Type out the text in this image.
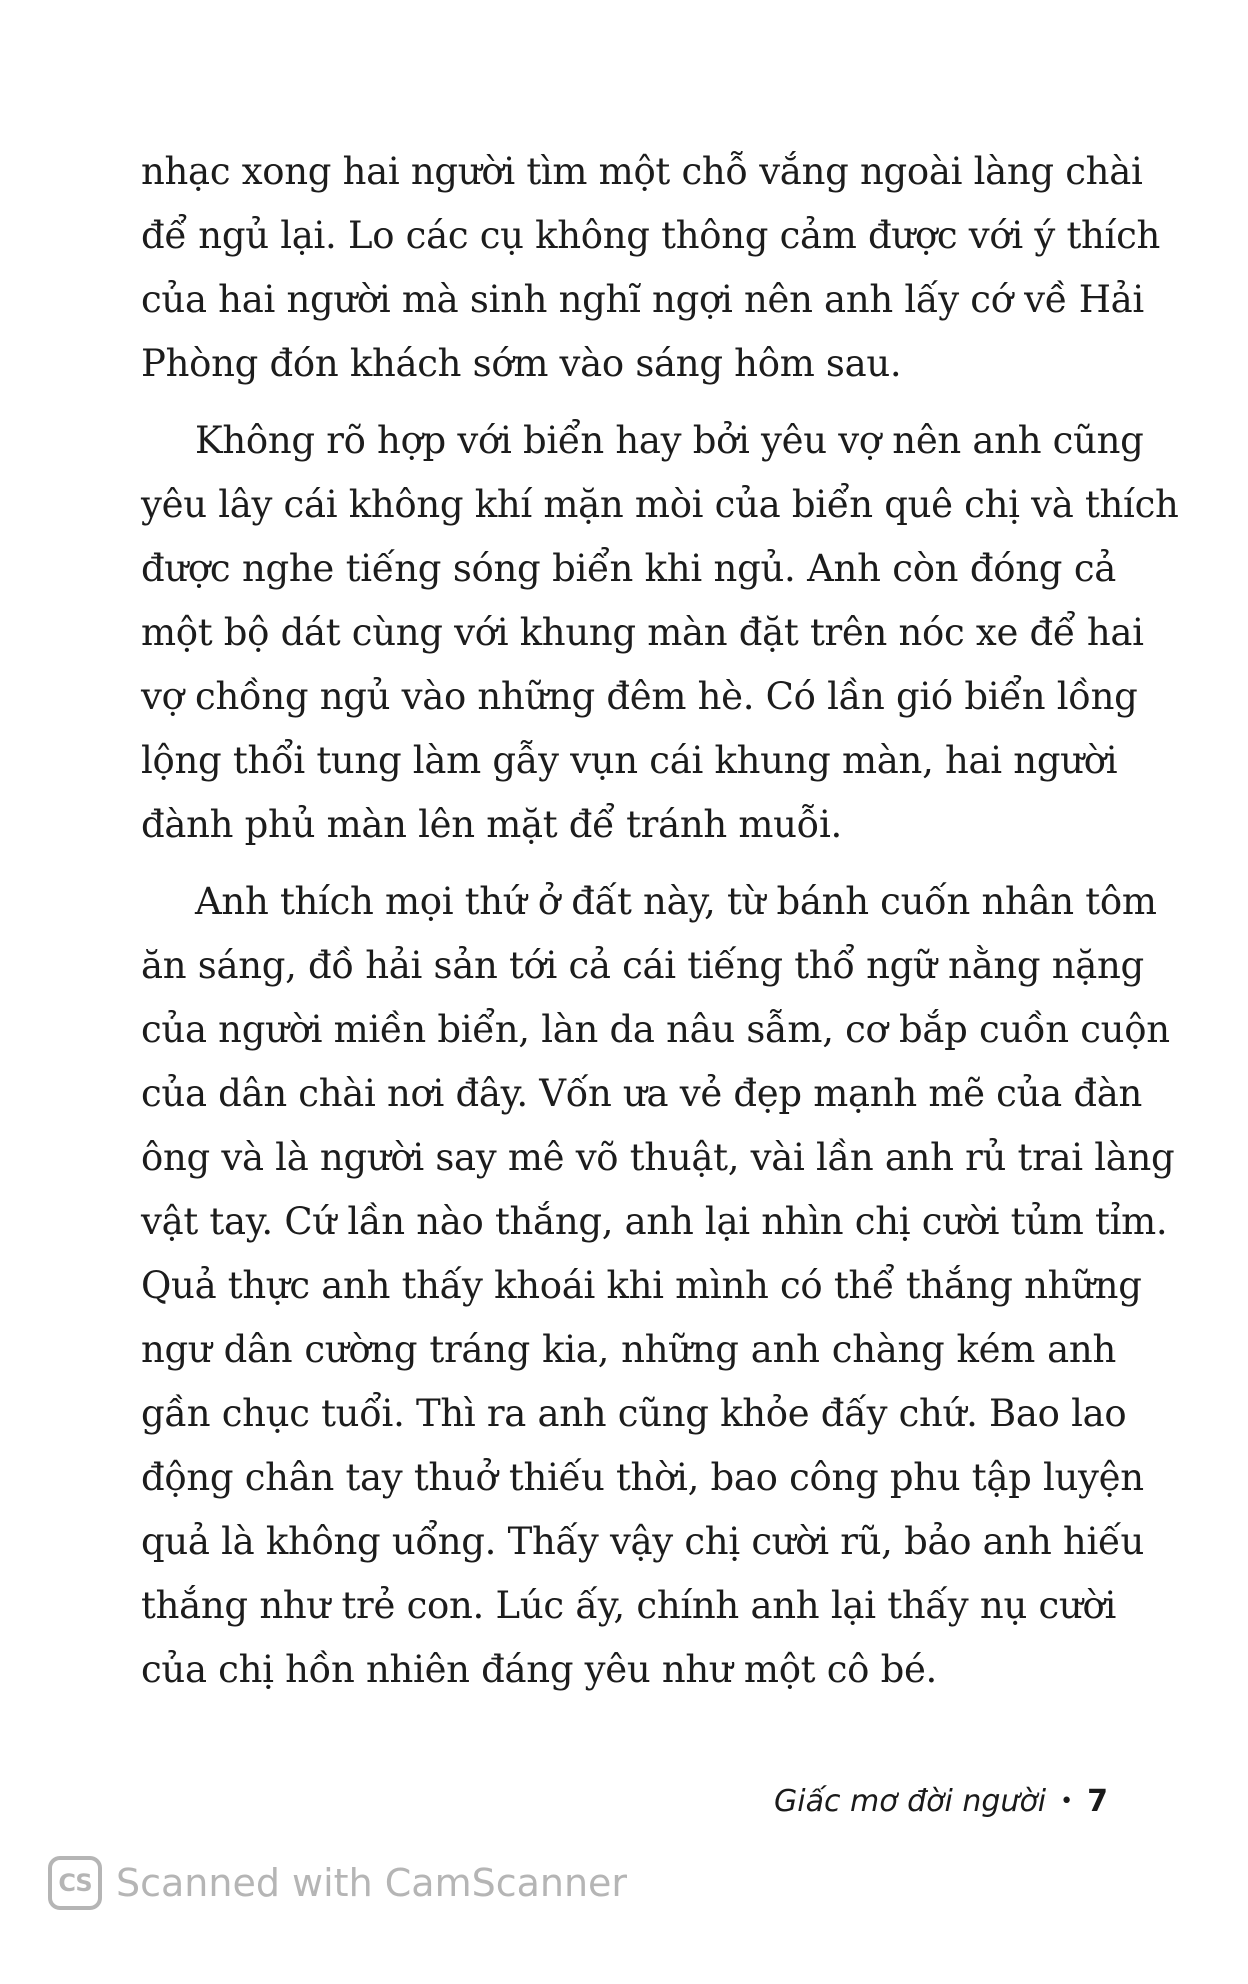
nhạc xong hai người tìm một chỗ vắng ngoài làng chài
để ngủ lại. Lo các cụ không thông cảm được với ý thích
của hai người mà sinh nghĩ ngợi nên anh lấy cớ về Hải
Phòng đón khách sớm vào sáng hôm sau.
Không rõ hợp với biển hay bởi yêu vợ nên anh cũng
yêu lây cái không khí mặn mòi của biển quê chị và thích
được nghe tiếng sóng biển khi ngủ. Anh còn đóng cả
một bộ dát cùng với khung màn đặt trên nóc xe để hai
vợ chồng ngủ vào những đêm hè. Có lần gió biển lồng
lộng thổi tung làm gẫy vụn cái khung màn, hai người
đành phủ màn lên mặt để tránh muỗi.
Anh thích mọi thứ ở đất này, từ bánh cuốn nhân tôm
ăn sáng, đồ hải sản tới cả cái tiếng thổ ngữ nằng nặng
của người miền biển, làn da nâu sẫm, cơ bắp cuồn cuộn
của dân chài nơi đây. Vốn ưa vẻ đẹp mạnh mẽ của đàn
ông và là người say mê võ thuật, vài lần anh rủ trai làng
vật tay. Cứ lần nào thắng, anh lại nhìn chị cười tủm tỉm.
Quả thực anh thấy khoái khi mình có thể thắng những
ngư dân cường tráng kia, những anh chàng kém anh
gần chục tuổi. Thì ra anh cũng khỏe đấy chứ. Bao lao
động chân tay thuở thiếu thời, bao công phu tập luyện
quả là không uổng. Thấy vậy chị cười rũ, bảo anh hiếu
thắng như trẻ con. Lúc ấy, chính anh lại thấy nụ cười
của chị hồn nhiên đáng yêu như một cô bé.
Giấc mơ đời người • 7
CS Scanned with CamScanner
